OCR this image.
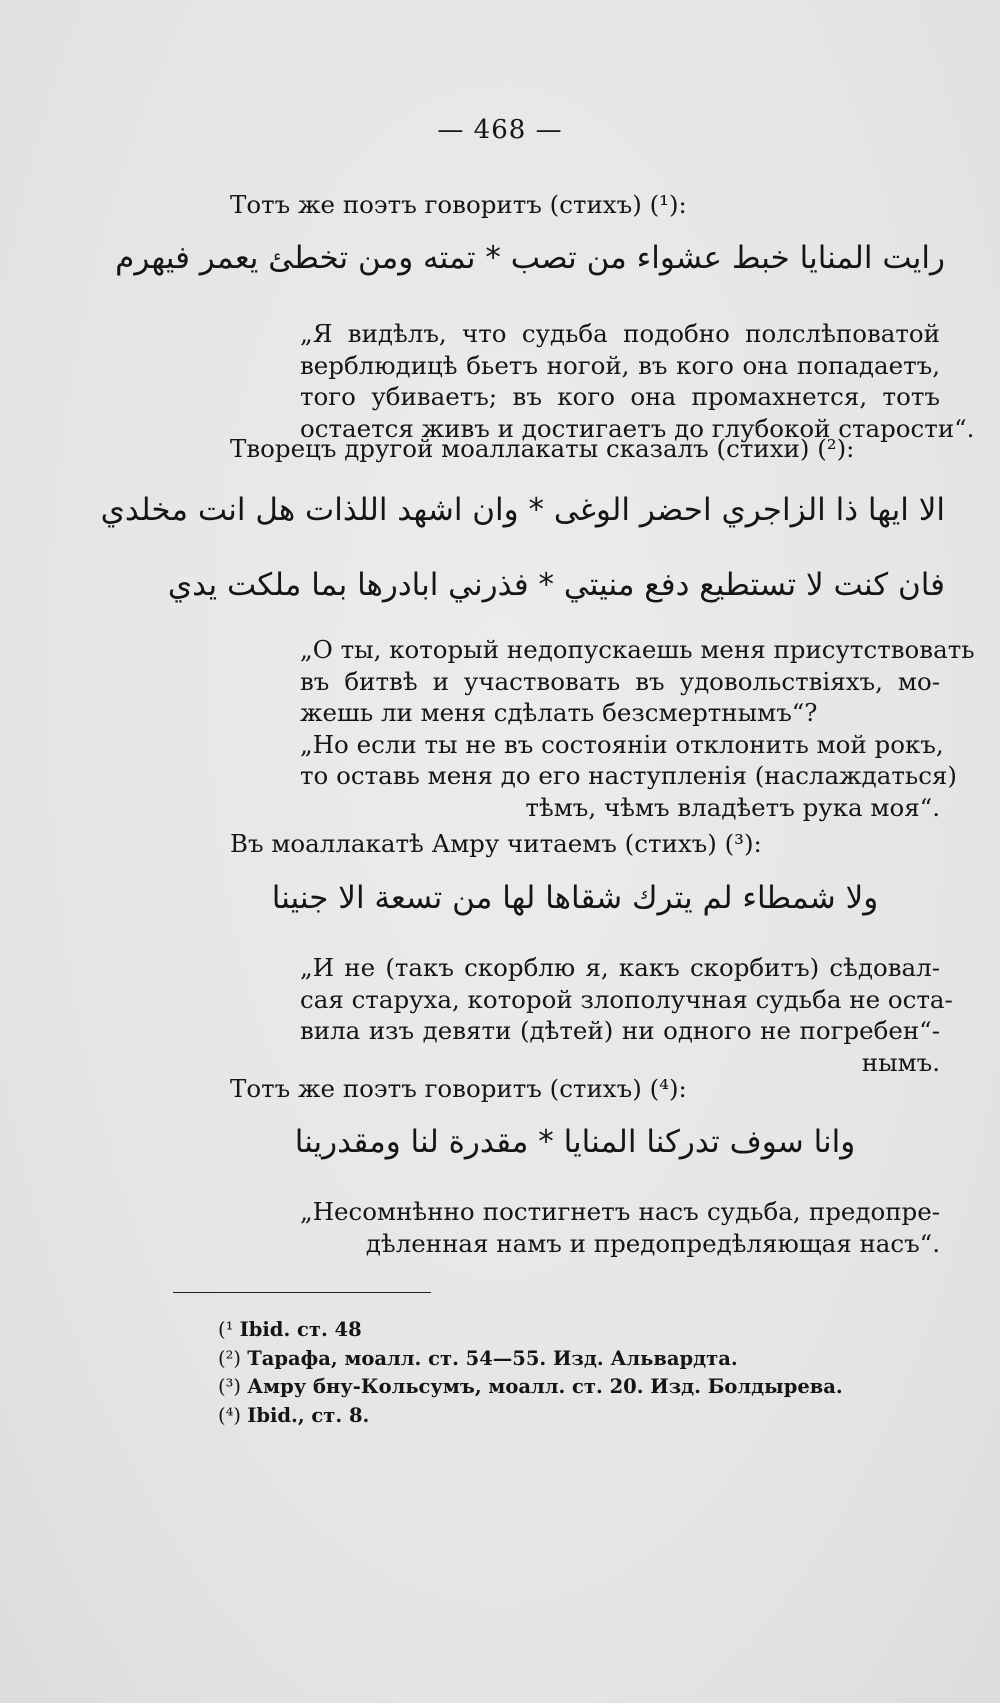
— 468 —
Тотъ же поэтъ говоритъ (стихъ) (¹):
رايت المنايا خبط عشواء من تصب * تمته ومن تخطئ يعمر فيهرم
„Я видѣлъ, что судьба подобно полслѣповатой
верблюдицѣ бьетъ ногой, въ кого она попадаетъ,
того убиваетъ; въ кого она промахнется, тотъ
остается живъ и достигаетъ до глубокой старости“.
Творецъ другой моаллакаты сказалъ (стихи) (²):
الا ايها ذا الزاجري احضر الوغى * وان اشهد اللذات هل انت مخلدي
فان كنت لا تستطيع دفع منيتي * فذرني ابادرها بما ملكت يدي
„О ты, который недопускаешь меня присутствовать
въ битвѣ и участвовать въ удовольствіяхъ, мо-
жешь ли меня сдѣлать безсмертнымъ“?
„Но если ты не въ состояніи отклонить мой рокъ,
то оставь меня до его наступленія (наслаждаться)
тѣмъ, чѣмъ владѣетъ рука моя“.
Въ моаллакатѣ Амру читаемъ (стихъ) (³):
ولا شمطاء لم يترك شقاها لها من تسعة الا جنينا
„И не (такъ скорблю я, какъ скорбитъ) сѣдовал-
сая старуха, которой злополучная судьба не оста-
вила изъ девяти (дѣтей) ни одного не погребен“-
нымъ.
Тотъ же поэтъ говоритъ (стихъ) (⁴):
وانا سوف تدركنا المنايا * مقدرة لنا ومقدرينا
„Несомнѣнно постигнетъ насъ судьба, предопре-
дѣленная намъ и предопредѣляющая насъ“.
(¹ Ibid. ст. 48
(²) Тарафа, моалл. ст. 54—55. Изд. Альвардта.
(³) Амру бну-Кольсумъ, моалл. ст. 20. Изд. Болдырева.
(⁴) Ibid., ст. 8.
